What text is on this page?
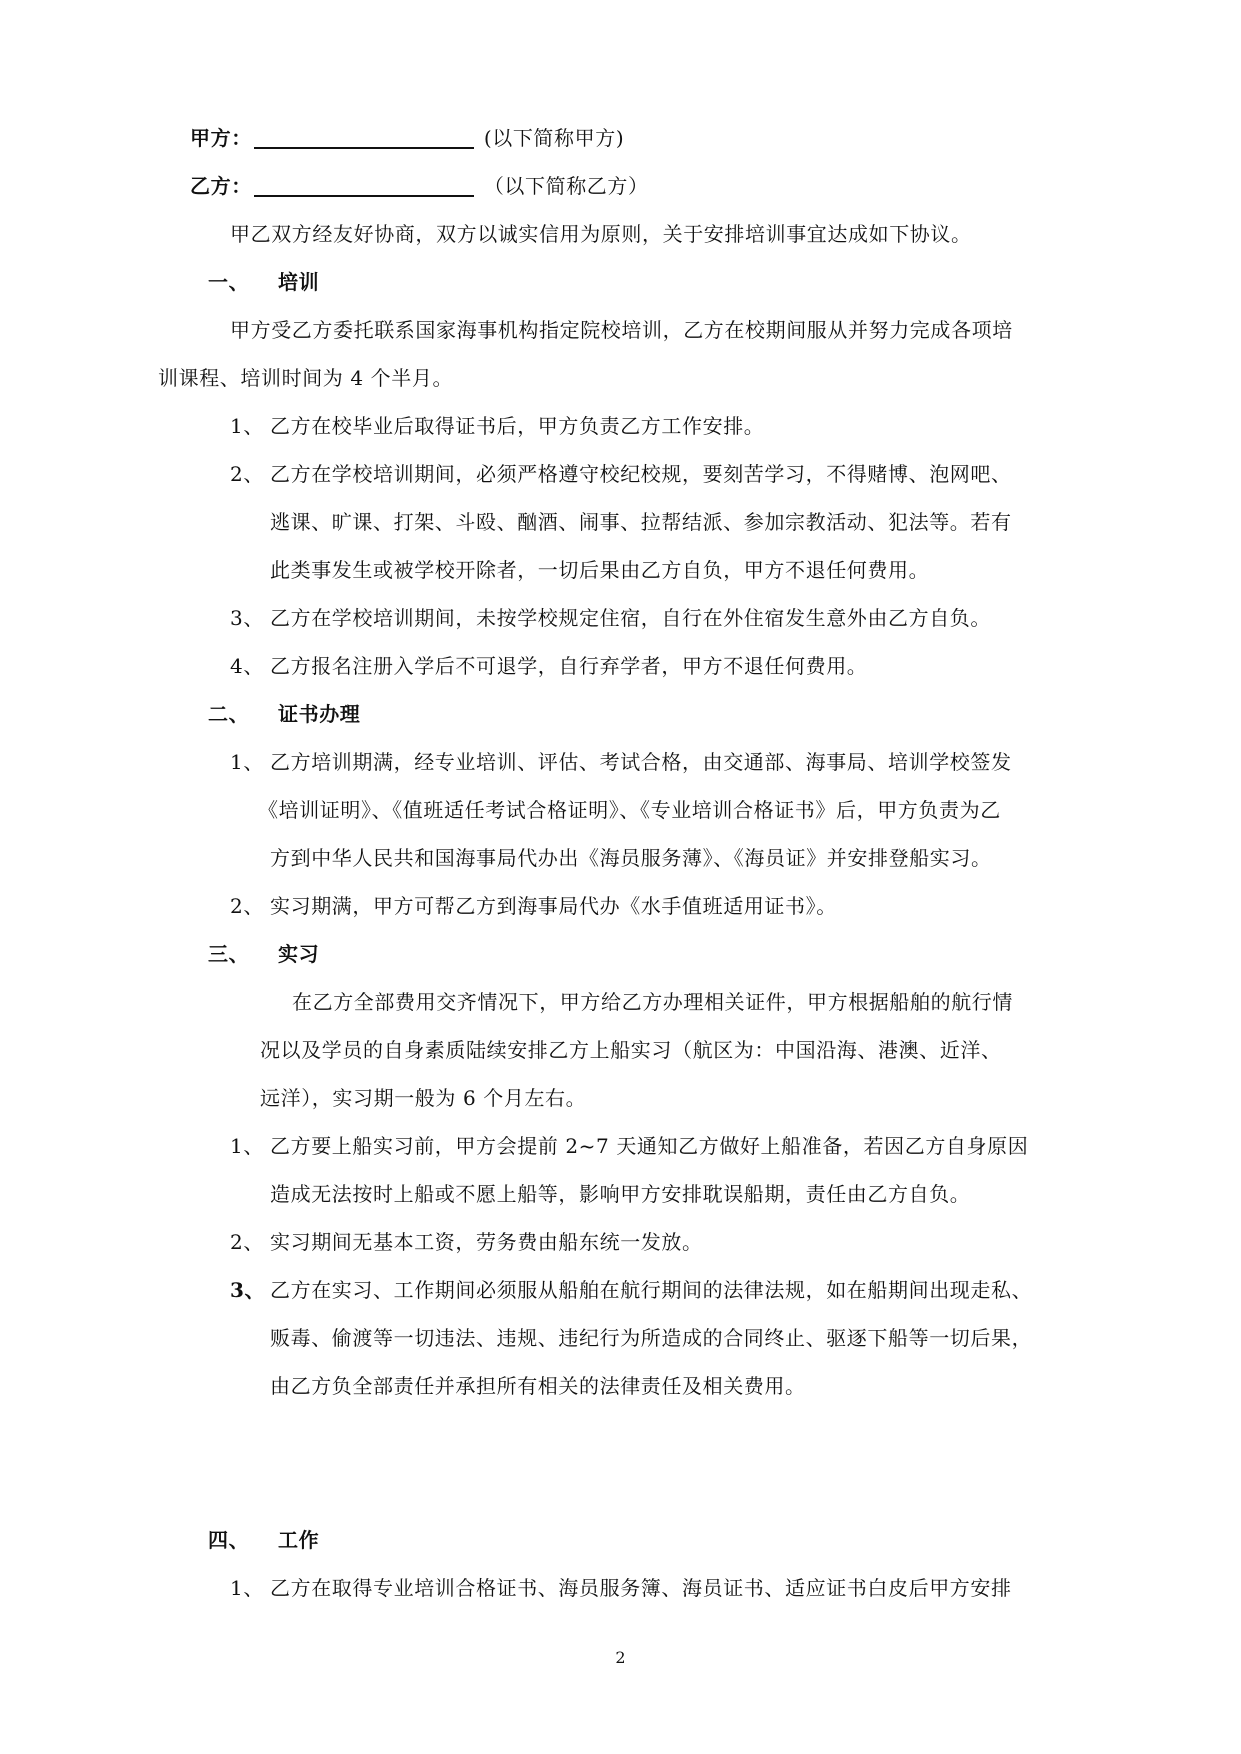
甲方：	(以下简称甲方)
乙方：	（以下简称乙方）
甲乙双方经友好协商，双方以诚实信用为原则，关于安排培训事宜达成如下协议。
一、 培训
甲方受乙方委托联系国家海事机构指定院校培训，乙方在校期间服从并努力完成各项培
训课程、培训时间为 4 个半月。
1、 乙方在校毕业后取得证书后，甲方负责乙方工作安排。
2、 乙方在学校培训期间，必须严格遵守校纪校规，要刻苦学习，不得赌博、泡网吧、
逃课、旷课、打架、斗殴、酗酒、闹事、拉帮结派、参加宗教活动、犯法等。若有
此类事发生或被学校开除者，一切后果由乙方自负，甲方不退任何费用。
3、 乙方在学校培训期间，未按学校规定住宿，自行在外住宿发生意外由乙方自负。
4、 乙方报名注册入学后不可退学，自行弃学者，甲方不退任何费用。
二、 证书办理
1、 乙方培训期满，经专业培训、评估、考试合格，由交通部、海事局、培训学校签发
《培训证明》、《值班适任考试合格证明》、《专业培训合格证书》后，甲方负责为乙
方到中华人民共和国海事局代办出《海员服务薄》、《海员证》并安排登船实习。
2、 实习期满，甲方可帮乙方到海事局代办《水手值班适用证书》。
三、 实习
在乙方全部费用交齐情况下，甲方给乙方办理相关证件，甲方根据船舶的航行情
况以及学员的自身素质陆续安排乙方上船实习（航区为：中国沿海、港澳、近洋、
远洋），实习期一般为 6 个月左右。
1、 乙方要上船实习前，甲方会提前 2~7 天通知乙方做好上船准备，若因乙方自身原因
造成无法按时上船或不愿上船等，影响甲方安排耽误船期，责任由乙方自负。
2、 实习期间无基本工资，劳务费由船东统一发放。
3、 乙方在实习、工作期间必须服从船舶在航行期间的法律法规，如在船期间出现走私、
贩毒、偷渡等一切违法、违规、违纪行为所造成的合同终止、驱逐下船等一切后果，
由乙方负全部责任并承担所有相关的法律责任及相关费用。
四、 工作
1、 乙方在取得专业培训合格证书、海员服务簿、海员证书、适应证书白皮后甲方安排
2
